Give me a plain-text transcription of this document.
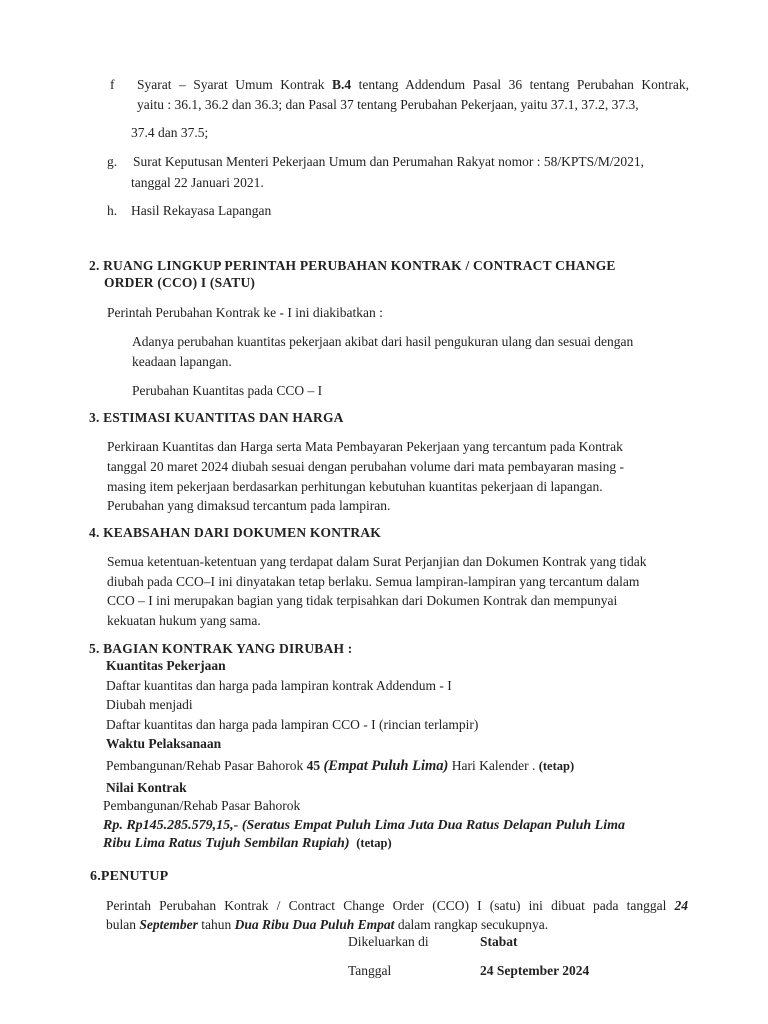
f Syarat – Syarat Umum Kontrak B.4 tentang Addendum Pasal 36 tentang Perubahan Kontrak,
yaitu : 36.1, 36.2 dan 36.3; dan Pasal 37 tentang Perubahan Pekerjaan, yaitu 37.1, 37.2, 37.3,
37.4 dan 37.5;
g. Surat Keputusan Menteri Pekerjaan Umum dan Perumahan Rakyat nomor : 58/KPTS/M/2021,
tanggal 22 Januari 2021.
h. Hasil Rekayasa Lapangan
2. RUANG LINGKUP PERINTAH PERUBAHAN KONTRAK / CONTRACT CHANGE
ORDER (CCO) I (SATU)
Perintah Perubahan Kontrak ke - I ini diakibatkan :
Adanya perubahan kuantitas pekerjaan akibat dari hasil pengukuran ulang dan sesuai dengan
keadaan lapangan.
Perubahan Kuantitas pada CCO – I
3. ESTIMASI KUANTITAS DAN HARGA
Perkiraan Kuantitas dan Harga serta Mata Pembayaran Pekerjaan yang tercantum pada Kontrak
tanggal 20 maret 2024 diubah sesuai dengan perubahan volume dari mata pembayaran masing -
masing item pekerjaan berdasarkan perhitungan kebutuhan kuantitas pekerjaan di lapangan.
Perubahan yang dimaksud tercantum pada lampiran.
4. KEABSAHAN DARI DOKUMEN KONTRAK
Semua ketentuan-ketentuan yang terdapat dalam Surat Perjanjian dan Dokumen Kontrak yang tidak
diubah pada CCO–I ini dinyatakan tetap berlaku. Semua lampiran-lampiran yang tercantum dalam
CCO – I ini merupakan bagian yang tidak terpisahkan dari Dokumen Kontrak dan mempunyai
kekuatan hukum yang sama.
5. BAGIAN KONTRAK YANG DIRUBAH :
Kuantitas Pekerjaan
Daftar kuantitas dan harga pada lampiran kontrak Addendum - I
Diubah menjadi
Daftar kuantitas dan harga pada lampiran CCO - I (rincian terlampir)
Waktu Pelaksanaan
Pembangunan/Rehab Pasar Bahorok 45 (Empat Puluh Lima) Hari Kalender . (tetap)
Nilai Kontrak
Pembangunan/Rehab Pasar Bahorok
Rp. Rp145.285.579,15,- (Seratus Empat Puluh Lima Juta Dua Ratus Delapan Puluh Lima
Ribu Lima Ratus Tujuh Sembilan Rupiah) (tetap)
6.PENUTUP
Perintah Perubahan Kontrak / Contract Change Order (CCO) I (satu) ini dibuat pada tanggal 24
bulan September tahun Dua Ribu Dua Puluh Empat dalam rangkap secukupnya.
Dikeluarkan di	Stabat
Tanggal	24 September 2024
